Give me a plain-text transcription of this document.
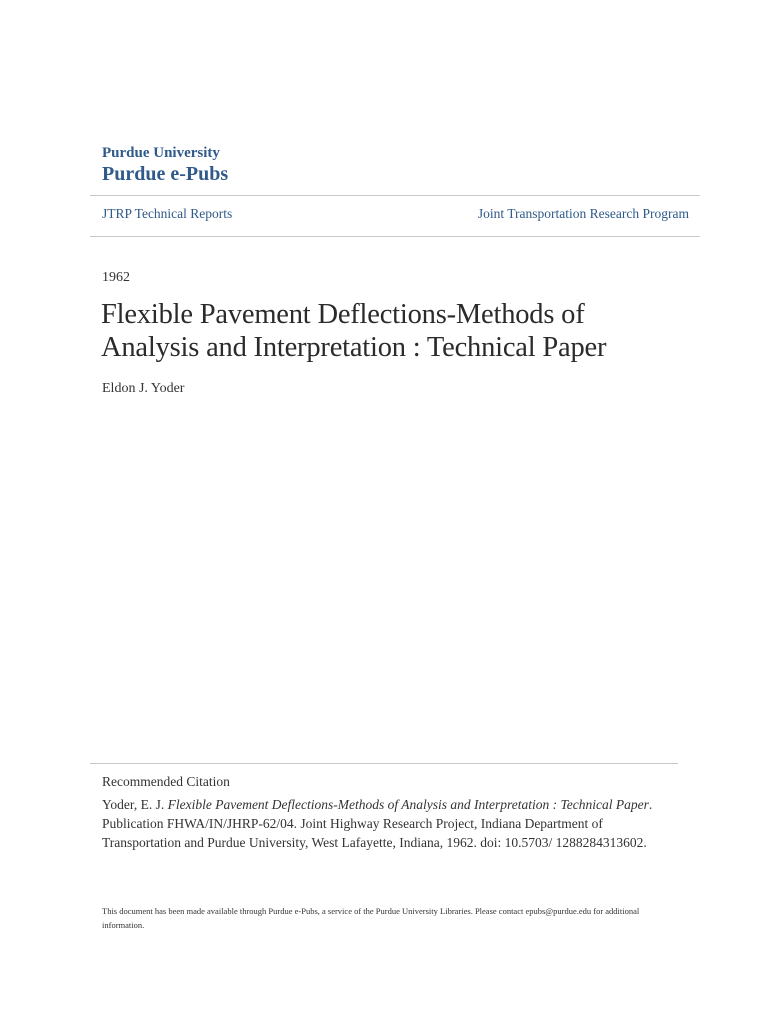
Purdue University
Purdue e-Pubs
JTRP Technical Reports	Joint Transportation Research Program
1962
Flexible Pavement Deflections-Methods of
Analysis and Interpretation : Technical Paper
Eldon J. Yoder
Recommended Citation
Yoder, E. J. Flexible Pavement Deflections-Methods of Analysis and Interpretation : Technical Paper. Publication FHWA/IN/JHRP-62/04. Joint Highway Research Project, Indiana Department of Transportation and Purdue University, West Lafayette, Indiana, 1962. doi: 10.5703/ 1288284313602.
This document has been made available through Purdue e-Pubs, a service of the Purdue University Libraries. Please contact epubs@purdue.edu for additional information.
